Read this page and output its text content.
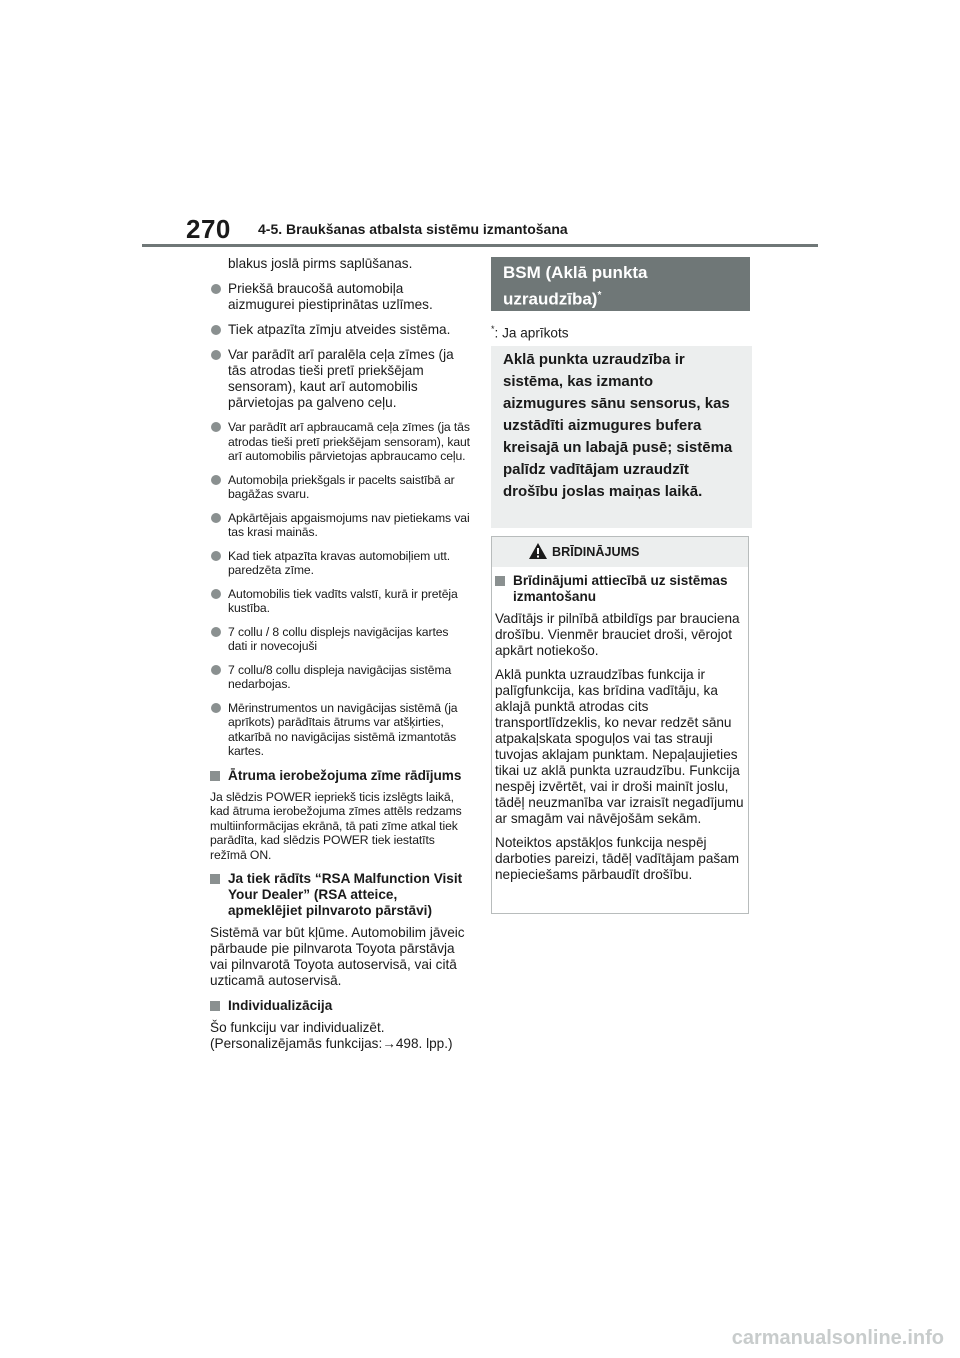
270 4-5. Braukšanas atbalsta sistēmu izmantošana

blakus joslā pirms saplūšanas.

Priekšā braucošā automobiļa aizmugurei piestiprinātas uzlīmes.
Tiek atpazīta zīmju atveides sistēma.
Var parādīt arī paralēla ceļa zīmes (ja tās atrodas tieši pretī priekšējam sensoram), kaut arī automobilis pārvietojas pa galveno ceļu.
Var parādīt arī apbraucamā ceļa zīmes (ja tās atrodas tieši pretī priekšējam sensoram), kaut arī automobilis pārvietojas apbraucamo ceļu.
Automobiļa priekšgals ir pacelts saistībā ar bagāžas svaru.
Apkārtējais apgaismojums nav pietiekams vai tas krasi mainās.
Kad tiek atpazīta kravas automobiļiem utt. paredzēta zīme.
Automobilis tiek vadīts valstī, kurā ir pretēja kustība.
7 collu / 8 collu displejs navigācijas kartes dati ir novecojuši
7 collu/8 collu displeja navigācijas sistēma nedarbojas.
Mērinstrumentos un navigācijas sistēmā (ja aprīkots) parādītais ātrums var atšķirties, atkarībā no navigācijas sistēmā izmantotās kartes.
Ātruma ierobežojuma zīme rādījums

Ja slēdzis POWER iepriekš ticis izslēgts laikā, kad ātruma ierobežojuma zīmes attēls redzams multiinformācijas ekrānā, tā pati zīme atkal tiek parādīta, kad slēdzis POWER tiek iestatīts režīmā ON.

Ja tiek rādīts “RSA Malfunction Visit Your Dealer” (RSA atteice, apmeklējiet pilnvaroto pārstāvi)

Sistēmā var būt kļūme. Automobilim jāveic pārbaude pie pilnvarota Toyota pārstāvja vai pilnvarotā Toyota autoservisā, vai citā uzticamā autoservisā.

Individualizācija

Šo funkciju var individualizēt. (Personalizējamās funkcijas:→498. lpp.)

BSM (Aklā punkta uzraudzība)*
*: Ja aprīkots
Aklā punkta uzraudzība ir sistēma, kas izmanto aizmugures sānu sensorus, kas uzstādīti aizmugures bufera kreisajā un labajā pusē; sistēma palīdz vadītājam uzraudzīt drošību joslas maiņas laikā.
BRĪDINĀJUMS
Brīdinājumi attiecībā uz sistēmas izmantošanu

Vadītājs ir pilnībā atbildīgs par brauciena drošību. Vienmēr brauciet droši, vērojot apkārt notiekošo.

Aklā punkta uzraudzības funkcija ir palīgfunkcija, kas brīdina vadītāju, ka aklajā punktā atrodas cits transportlīdzeklis, ko nevar redzēt sānu atpakaļskata spoguļos vai tas strauji tuvojas aklajam punktam. Nepaļaujieties tikai uz aklā punkta uzraudzību. Funkcija nespēj izvērtēt, vai ir droši mainīt joslu, tādēļ neuzmanība var izraisīt negadījumu ar smagām vai nāvējošām sekām.

Noteiktos apstākļos funkcija nespēj darboties pareizi, tādēļ vadītājam pašam nepieciešams pārbaudīt drošību.

carmanualsonline.info
